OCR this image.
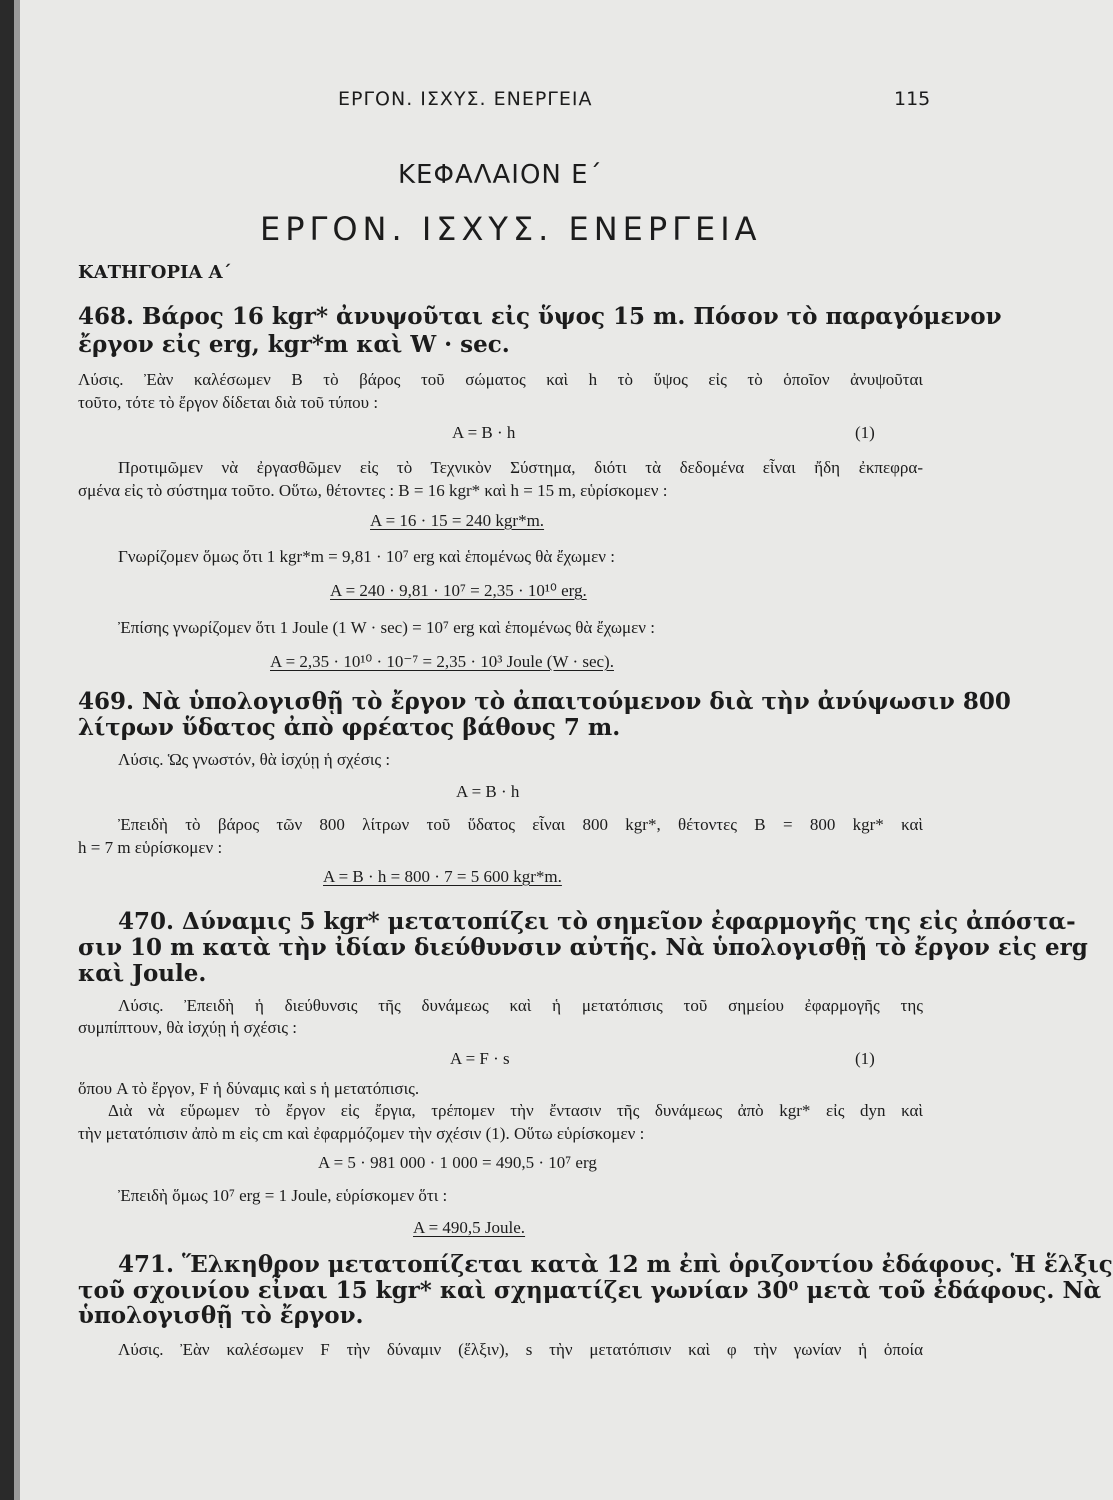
ΕΡΓΟΝ. ΙΣΧΥΣ. ΕΝΕΡΓΕΙΑ	115
ΚΕΦΑΛΑΙΟΝ Ε΄
ΕΡΓΟΝ. ΙΣΧΥΣ. ΕΝΕΡΓΕΙΑ
ΚΑΤΗΓΟΡΙΑ Α΄
468. Βάρος 16 kgr* ἀνυψοῦται εἰς ὕψος 15 m. Πόσον τὸ παραγόμενον
ἔργον εἰς erg, kgr*m καὶ W · sec.
Λύσις. Ἐὰν καλέσωμεν B τὸ βάρος τοῦ σώματος καὶ h τὸ ὕψος εἰς τὸ ὁποῖον ἀνυψοῦται
τοῦτο, τότε τὸ ἔργον δίδεται διὰ τοῦ τύπου :
A = B · h	(1)
Προτιμῶμεν νὰ ἐργασθῶμεν εἰς τὸ Τεχνικὸν Σύστημα, διότι τὰ δεδομένα εἶναι ἤδη ἐκπεφρα-
σμένα εἰς τὸ σύστημα τοῦτο. Οὕτω, θέτοντες : B = 16 kgr* καὶ h = 15 m, εὑρίσκομεν :
A = 16 · 15 = 240 kgr*m.
Γνωρίζομεν ὅμως ὅτι 1 kgr*m = 9,81 · 10⁷ erg καὶ ἑπομένως θὰ ἔχωμεν :
A = 240 · 9,81 · 10⁷ = 2,35 · 10¹⁰ erg.
Ἐπίσης γνωρίζομεν ὅτι 1 Joule (1 W · sec) = 10⁷ erg καὶ ἑπομένως θὰ ἔχωμεν :
A = 2,35 · 10¹⁰ · 10⁻⁷ = 2,35 · 10³ Joule (W · sec).
469. Νὰ ὑπολογισθῇ τὸ ἔργον τὸ ἀπαιτούμενον διὰ τὴν ἀνύψωσιν 800
λίτρων ὕδατος ἀπὸ φρέατος βάθους 7 m.
Λύσις. Ὡς γνωστόν, θὰ ἰσχύῃ ἡ σχέσις :
A = B · h
Ἐπειδὴ τὸ βάρος τῶν 800 λίτρων τοῦ ὕδατος εἶναι 800 kgr*, θέτοντες B = 800 kgr* καὶ
h = 7 m εὑρίσκομεν :
A = B · h = 800 · 7 = 5 600 kgr*m.
470. Δύναμις 5 kgr* μετατοπίζει τὸ σημεῖον ἐφαρμογῆς της εἰς ἀπόστα-
σιν 10 m κατὰ τὴν ἰδίαν διεύθυνσιν αὐτῆς. Νὰ ὑπολογισθῇ τὸ ἔργον εἰς erg
καὶ Joule.
Λύσις. Ἐπειδὴ ἡ διεύθυνσις τῆς δυνάμεως καὶ ἡ μετατόπισις τοῦ σημείου ἐφαρμογῆς της
συμπίπτουν, θὰ ἰσχύῃ ἡ σχέσις :
A = F · s	(1)
ὅπου A τὸ ἔργον, F ἡ δύναμις καὶ s ἡ μετατόπισις.
Διὰ νὰ εὕρωμεν τὸ ἔργον εἰς ἔργια, τρέπομεν τὴν ἔντασιν τῆς δυνάμεως ἀπὸ kgr* εἰς dyn καὶ
τὴν μετατόπισιν ἀπὸ m εἰς cm καὶ ἐφαρμόζομεν τὴν σχέσιν (1). Οὕτω εὑρίσκομεν :
A = 5 · 981 000 · 1 000 = 490,5 · 10⁷ erg
Ἐπειδὴ ὅμως 10⁷ erg = 1 Joule, εὑρίσκομεν ὅτι :
A = 490,5 Joule.
471. Ἕλκηθρον μετατοπίζεται κατὰ 12 m ἐπὶ ὁριζοντίου ἐδάφους. Ἡ ἕλξις
τοῦ σχοινίου εἶναι 15 kgr* καὶ σχηματίζει γωνίαν 30⁰ μετὰ τοῦ ἐδάφους. Νὰ
ὑπολογισθῇ τὸ ἔργον.
Λύσις. Ἐὰν καλέσωμεν F τὴν δύναμιν (ἕλξιν), s τὴν μετατόπισιν καὶ φ τὴν γωνίαν ἡ ὁποία
